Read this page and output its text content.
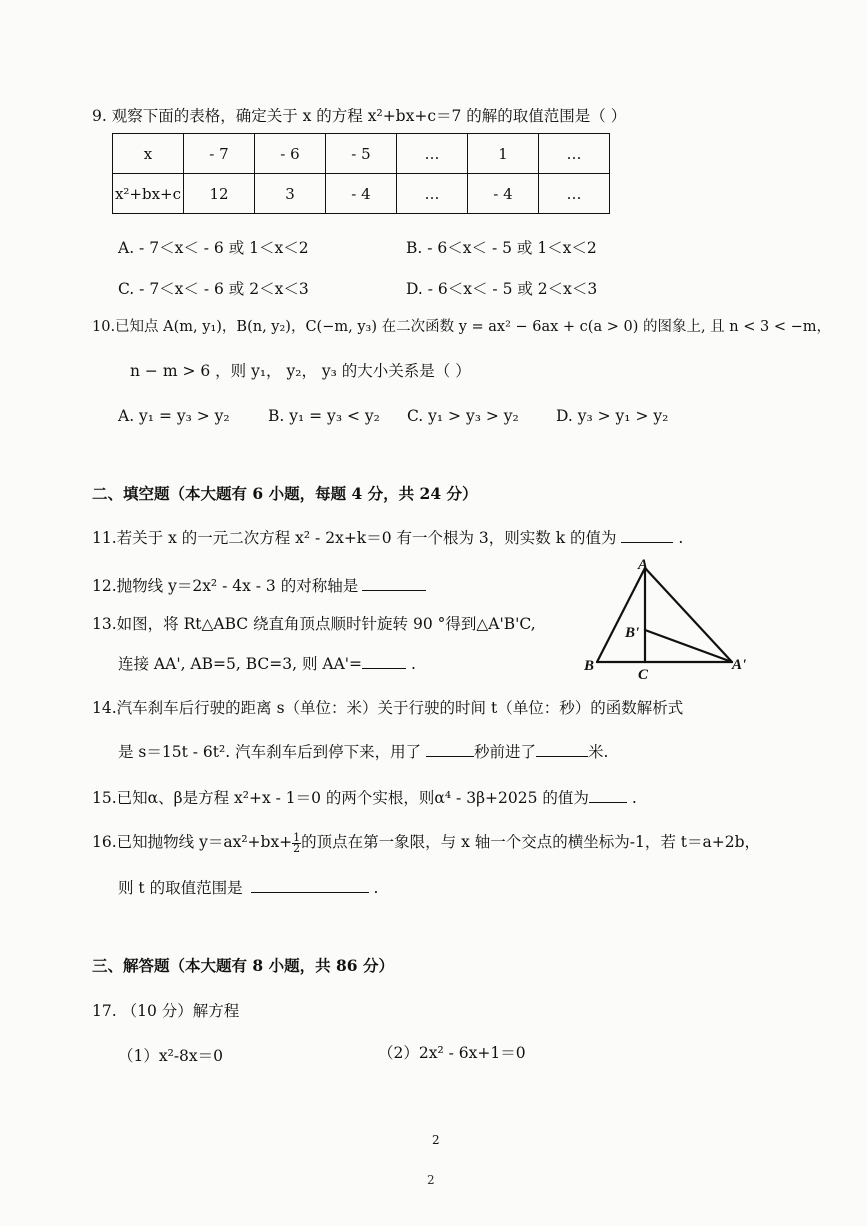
9. 观察下面的表格，确定关于 x 的方程 x²+bx+c＝7 的解的取值范围是（ ）
x	- 7	- 6	- 5	…	1	…
x²+bx+c	12	3	- 4	…	- 4	…
A. - 7＜x＜ - 6 或 1＜x＜2	B. - 6＜x＜ - 5 或 1＜x＜2
C. - 7＜x＜ - 6 或 2＜x＜3	D. - 6＜x＜ - 5 或 2＜x＜3
10.已知点 A(m, y₁)，B(n, y₂)，C(−m, y₃) 在二次函数 y = ax² − 6ax + c(a > 0) 的图象上, 且 n < 3 < −m，
n − m > 6 ，则 y₁， y₂， y₃ 的大小关系是（ ）
A. y₁ = y₃ > y₂ B. y₁ = y₃ < y₂ C. y₁ > y₃ > y₂ D. y₃ > y₁ > y₂
二、填空题（本大题有 6 小题，每题 4 分，共 24 分）
11.若关于 x 的一元二次方程 x² - 2x+k＝0 有一个根为 3，则实数 k 的值为	.
12.抛物线 y＝2x² - 4x - 3 的对称轴是
13.如图，将 Rt△ABC 绕直角顶点顺时针旋转 90 °得到△A'B'C,
连接 AA', AB=5, BC=3, 则 AA'=	.
A
B
C
B'
A'
14.汽车刹车后行驶的距离 s（单位：米）关于行驶的时间 t（单位：秒）的函数解析式
是 s＝15t - 6t². 汽车刹车后到停下来，用了	秒前进了	米.
15.已知α、β是方程 x²+x - 1＝0 的两个实根，则α⁴ - 3β+2025 的值为 .
16.已知抛物线 $y=ax^2+bx+ \frac{1}{2}$ 的顶点在第一象限，与 x 轴一个交点的横坐标为-1，若 t＝a+2b，
则 t 的取值范围是	.
三、解答题（本大题有 8 小题，共 86 分）
17. （10 分）解方程
（1）x²-8x＝0	（2）2x² - 6x+1＝0
2
2
